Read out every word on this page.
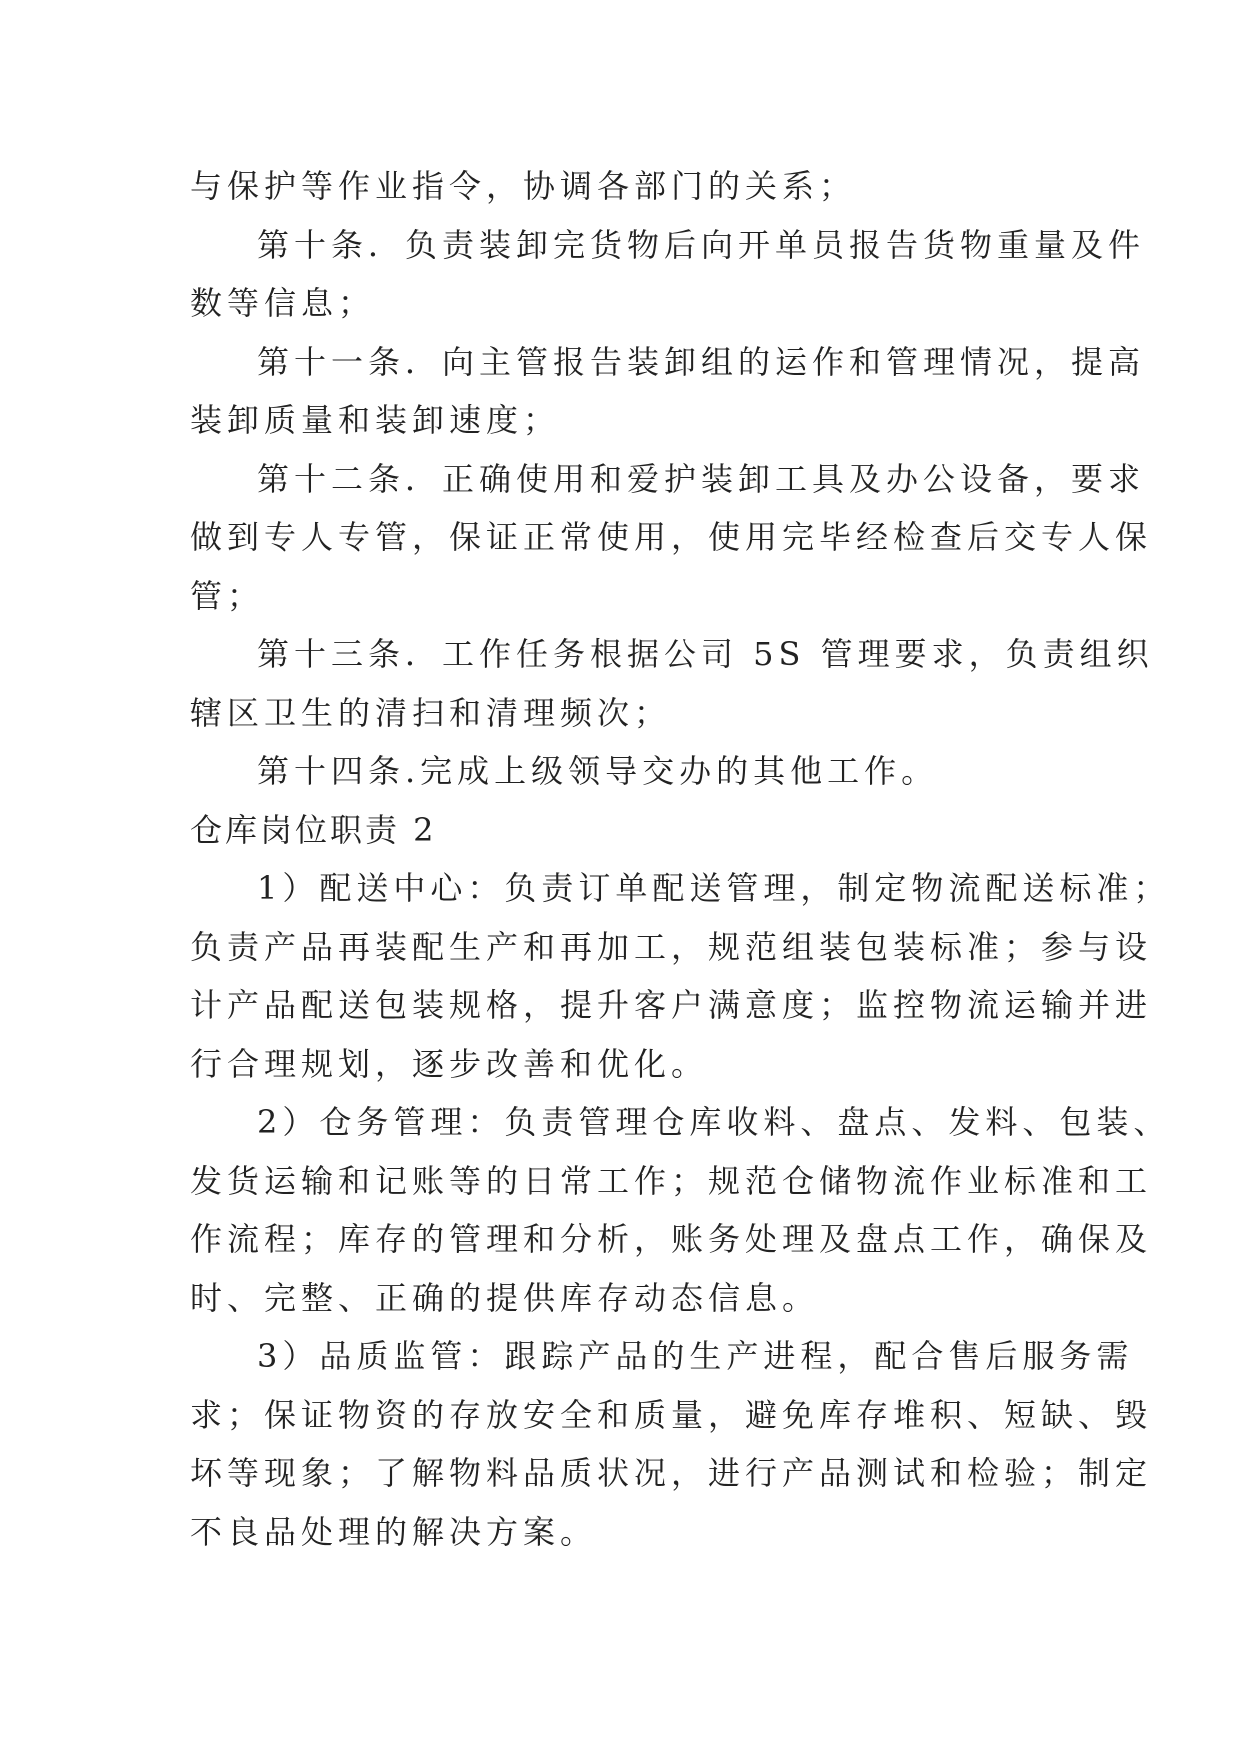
与保护等作业指令，协调各部门的关系；

第十条．负责装卸完货物后向开单员报告货物重量及件

数等信息；

第十一条．向主管报告装卸组的运作和管理情况，提高

装卸质量和装卸速度；

第十二条．正确使用和爱护装卸工具及办公设备，要求

做到专人专管，保证正常使用，使用完毕经检查后交专人保

管；

第十三条．工作任务根据公司 5S 管理要求，负责组织

辖区卫生的清扫和清理频次；

第十四条.完成上级领导交办的其他工作。

仓库岗位职责 2

1）配送中心：负责订单配送管理，制定物流配送标准；

负责产品再装配生产和再加工，规范组装包装标准；参与设

计产品配送包装规格，提升客户满意度；监控物流运输并进

行合理规划，逐步改善和优化。

2）仓务管理：负责管理仓库收料、盘点、发料、包装、

发货运输和记账等的日常工作；规范仓储物流作业标准和工

作流程；库存的管理和分析，账务处理及盘点工作，确保及

时、完整、正确的提供库存动态信息。

3）品质监管：跟踪产品的生产进程，配合售后服务需

求；保证物资的存放安全和质量，避免库存堆积、短缺、毁

坏等现象；了解物料品质状况，进行产品测试和检验；制定

不良品处理的解决方案。
